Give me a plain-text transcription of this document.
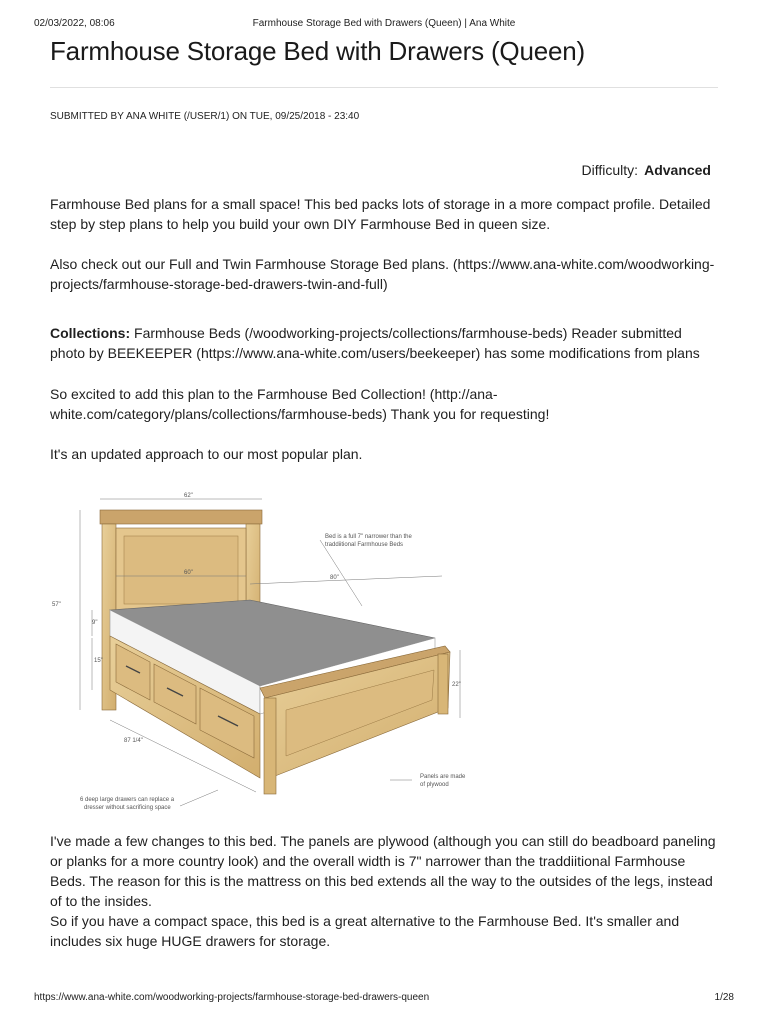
02/03/2022, 08:06	Farmhouse Storage Bed with Drawers (Queen) | Ana White
Farmhouse Storage Bed with Drawers (Queen)
SUBMITTED BY ANA WHITE (/USER/1) ON TUE, 09/25/2018 - 23:40
Difficulty: Advanced

Farmhouse Bed plans for a small space! This bed packs lots of storage in a more compact profile. Detailed step by step plans to help you build your own DIY Farmhouse Bed in queen size.

Also check out our Full and Twin Farmhouse Storage Bed plans. (https://www.ana-white.com/woodworking-projects/farmhouse-storage-bed-drawers-twin-and-full)

Collections: Farmhouse Beds (/woodworking-projects/collections/farmhouse-beds) Reader submitted photo by BEEKEEPER (https://www.ana-white.com/users/beekeeper) has some modifications from plans

So excited to add this plan to the Farmhouse Bed Collection! (http://ana-white.com/category/plans/collections/farmhouse-beds) Thank you for requesting!

It's an updated approach to our most popular plan.

62"
60"
80"
57"
9"
15"
22"
87 1/4"
Bed is a full 7" narrower than the
traddiitional Farmhouse Beds
Panels are made
of plywood
6 deep large drawers can replace a
dresser without sacrificing space

I've made a few changes to this bed. The panels are plywood (although you can still do beadboard paneling or planks for a more country look) and the overall width is 7" narrower than the traddiitional Farmhouse Beds. The reason for this is the mattress on this bed extends all the way to the outsides of the legs, instead of to the insides.

So if you have a compact space, this bed is a great alternative to the Farmhouse Bed. It's smaller and includes six huge HUGE drawers for storage.

https://www.ana-white.com/woodworking-projects/farmhouse-storage-bed-drawers-queen	1/28
